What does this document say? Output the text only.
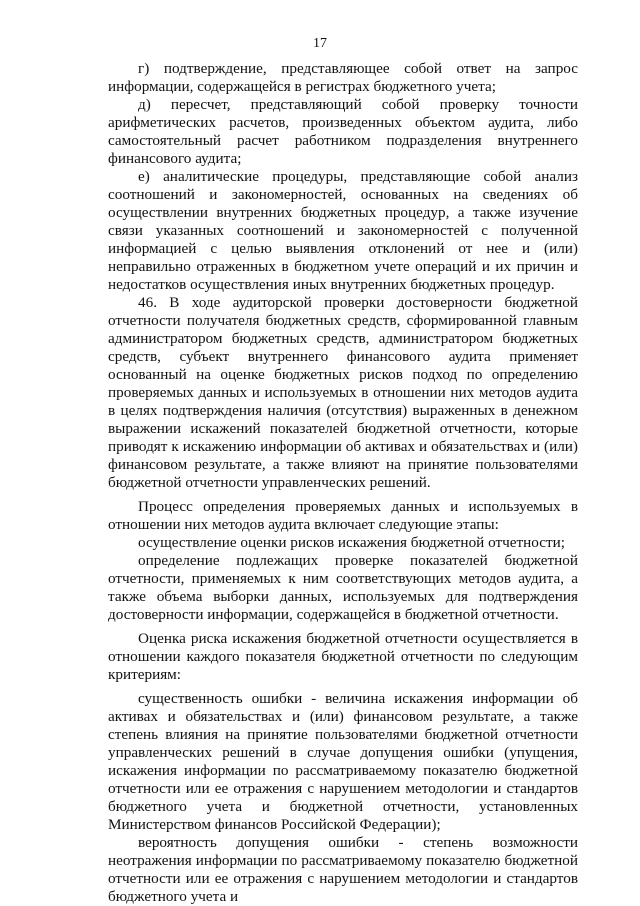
17

г) подтверждение, представляющее собой ответ на запрос информации, содержащейся в регистрах бюджетного учета;

д) пересчет, представляющий собой проверку точности арифметических расчетов, произведенных объектом аудита, либо самостоятельный расчет работником подразделения внутреннего финансового аудита;

е) аналитические процедуры, представляющие собой анализ соотношений и закономерностей, основанных на сведениях об осуществлении внутренних бюджетных процедур, а также изучение связи указанных соотношений и закономерностей с полученной информацией с целью выявления отклонений от нее и (или) неправильно отраженных в бюджетном учете операций и их причин и недостатков осуществления иных внутренних бюджетных процедур.

46. В ходе аудиторской проверки достоверности бюджетной отчетности получателя бюджетных средств, сформированной главным администратором бюджетных средств, администратором бюджетных средств, субъект внутреннего финансового аудита применяет основанный на оценке бюджетных рисков подход по определению проверяемых данных и используемых в отношении них методов аудита в целях подтверждения наличия (отсутствия) выраженных в денежном выражении искажений показателей бюджетной отчетности, которые приводят к искажению информации об активах и обязательствах и (или) финансовом результате, а также влияют на принятие пользователями бюджетной отчетности управленческих решений.

Процесс определения проверяемых данных и используемых в отношении них методов аудита включает следующие этапы:

осуществление оценки рисков искажения бюджетной отчетности;

определение подлежащих проверке показателей бюджетной отчетности, применяемых к ним соответствующих методов аудита, а также объема выборки данных, используемых для подтверждения достоверности информации, содержащейся в бюджетной отчетности.

Оценка риска искажения бюджетной отчетности осуществляется в отношении каждого показателя бюджетной отчетности по следующим критериям:

существенность ошибки - величина искажения информации об активах и обязательствах и (или) финансовом результате, а также степень влияния на принятие пользователями бюджетной отчетности управленческих решений в случае допущения ошибки (упущения, искажения информации по рассматриваемому показателю бюджетной отчетности или ее отражения с нарушением методологии и стандартов бюджетного учета и бюджетной отчетности, установленных Министерством финансов Российской Федерации);

вероятность допущения ошибки - степень возможности неотражения информации по рассматриваемому показателю бюджетной отчетности или ее отражения с нарушением методологии и стандартов бюджетного учета и
